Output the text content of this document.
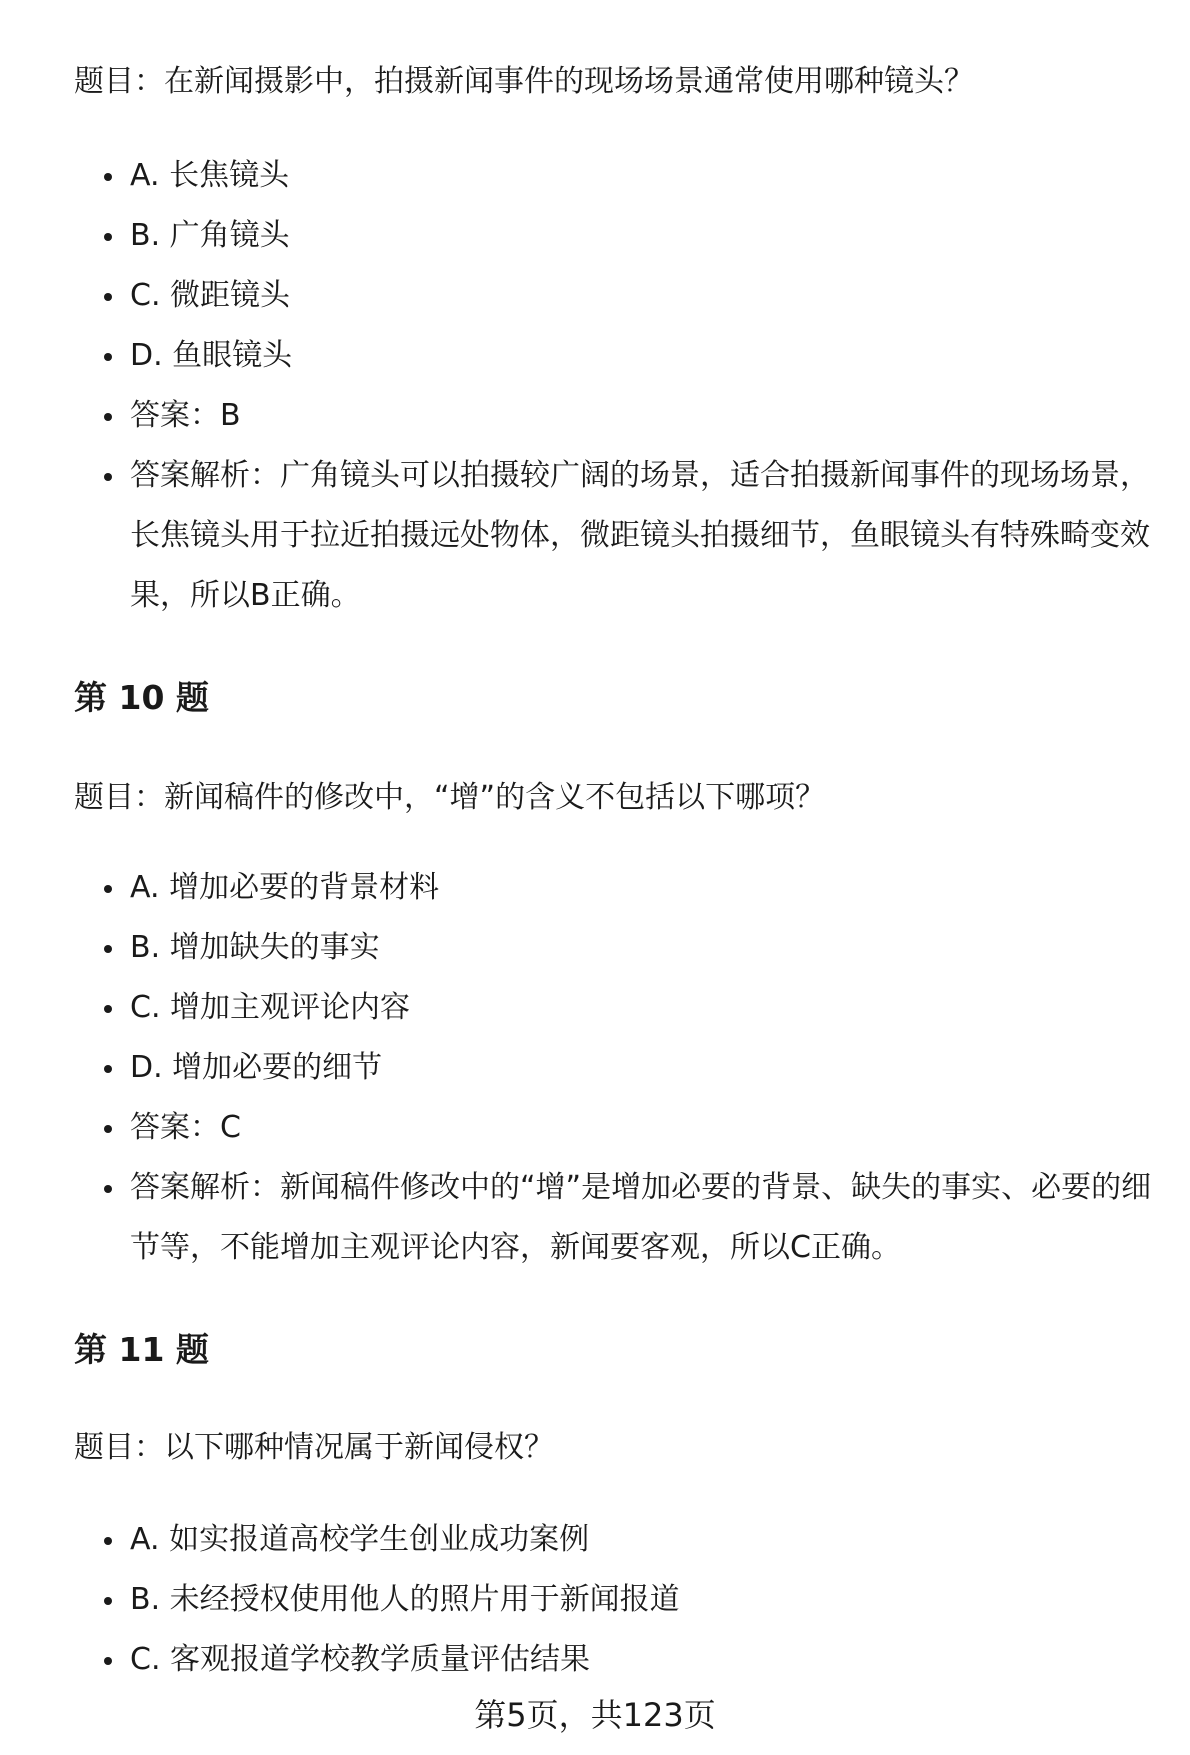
题目：在新闻摄影中，拍摄新闻事件的现场场景通常使用哪种镜头？

A. 长焦镜头
B. 广角镜头
C. 微距镜头
D. 鱼眼镜头
答案：B
答案解析：广角镜头可以拍摄较广阔的场景，适合拍摄新闻事件的现场场景，长焦镜头用于拉近拍摄远处物体，微距镜头拍摄细节，鱼眼镜头有特殊畸变效果，所以B正确。
第 10 题

题目：新闻稿件的修改中，“增”的含义不包括以下哪项？

A. 增加必要的背景材料
B. 增加缺失的事实
C. 增加主观评论内容
D. 增加必要的细节
答案：C
答案解析：新闻稿件修改中的“增”是增加必要的背景、缺失的事实、必要的细节等，不能增加主观评论内容，新闻要客观，所以C正确。
第 11 题

题目：以下哪种情况属于新闻侵权？

A. 如实报道高校学生创业成功案例
B. 未经授权使用他人的照片用于新闻报道
C. 客观报道学校教学质量评估结果
第5页，共123页
